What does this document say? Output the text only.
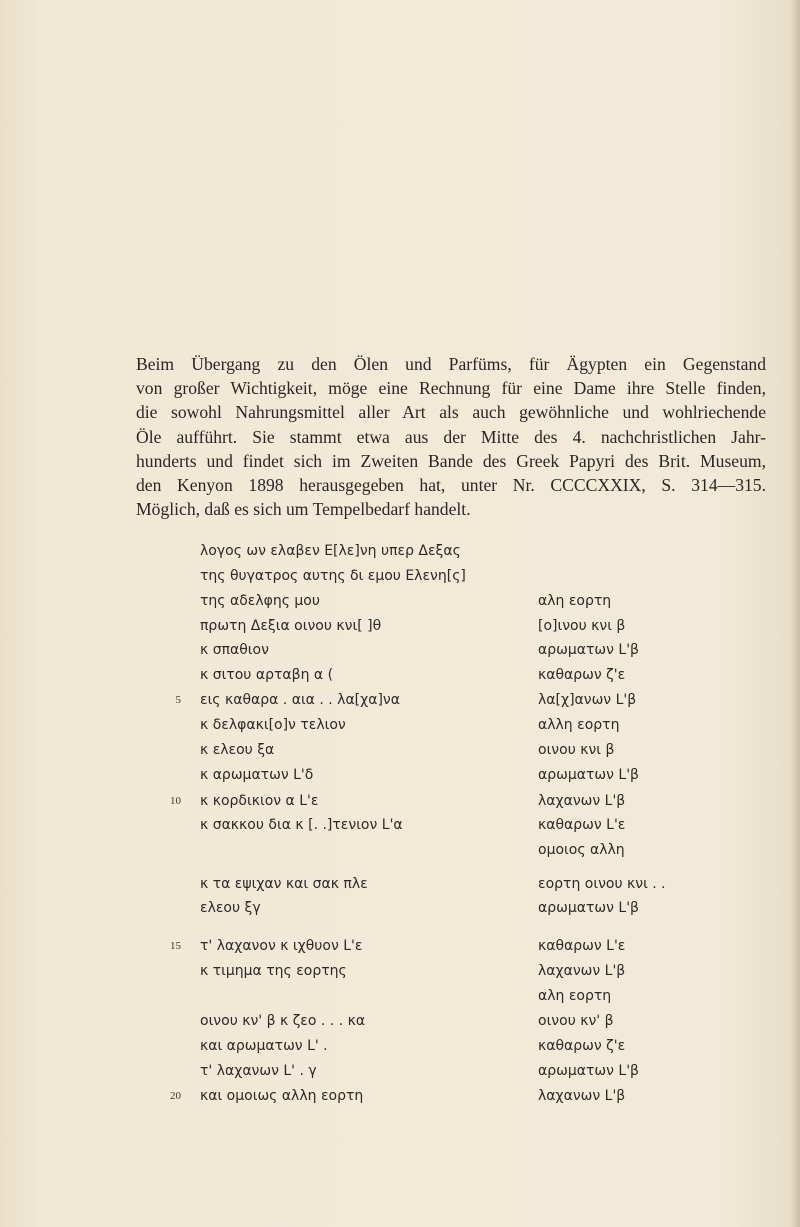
Beim Übergang zu den Ölen und Parfüms, für Ägypten ein Gegenstand
von großer Wichtigkeit, möge eine Rechnung für eine Dame ihre Stelle finden,
die sowohl Nahrungsmittel aller Art als auch gewöhnliche und wohlriechende
Öle aufführt. Sie stammt etwa aus der Mitte des 4. nachchristlichen Jahr-
hunderts und findet sich im Zweiten Bande des Greek Papyri des Brit. Museum,
den Kenyon 1898 herausgegeben hat, unter Nr. CCCCXXIX, S. 314—315.
Möglich, daß es sich um Tempelbedarf handelt.
5
10
15
20
λογος ων ελαβεν Ε[λε]νη υπερ Δεξας
της θυγατρος αυτης δι εμου Ελενη[ς]
της αδελφης μου
πρωτη Δεξια οινου κνι[ ]θ
κ σπαθιον
κ σιτου αρταβη α (
εις καθαρα . αια . . λα[χα]να
κ δελφακι[ο]ν τελιον
κ ελεου ξα
κ αρωματων L'δ
κ κορδικιον α L'ε
κ σακκου δια κ [. .]τενιον L'α
κ τα εψιχαν και σακ πλε
ελεου ξγ
τ' λαχανον κ ιχθυον L'ε
κ τιμημα της εορτης
οινου κν' β κ ζεο . . . κα
και αρωματων L' .
τ' λαχανων L' . γ
και ομοιως αλλη εορτη
αλη εορτη
[ο]ινου κνι β
αρωματων L'β
καθαρων ζ'ε
λα[χ]ανων L'β
αλλη εορτη
οινου κνι β
αρωματων L'β
λαχανων L'β
καθαρων L'ε
ομοιος αλλη
εορτη οινου κνι . .
αρωματων L'β
καθαρων L'ε
λαχανων L'β
αλη εορτη
οινου κν' β
καθαρων ζ'ε
αρωματων L'β
λαχανων L'β
